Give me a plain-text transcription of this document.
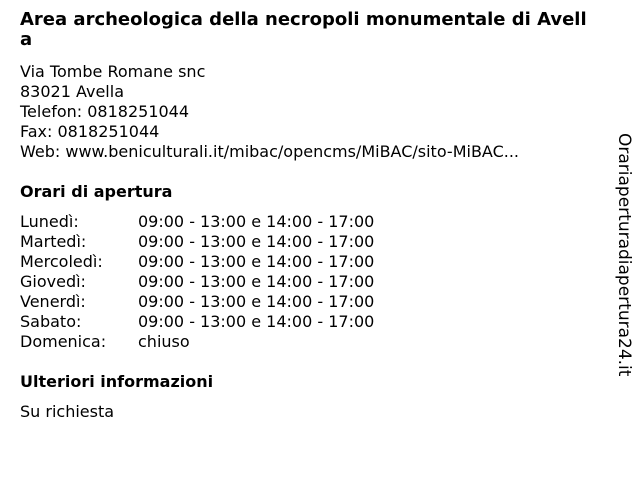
Area archeologica della necropoli monumentale di Avella
Via Tombe Romane snc
83021 Avella
Telefon: 0818251044
Fax: 0818251044
Web: www.beniculturali.it/mibac/opencms/MiBAC/sito-MiBAC...
Orari di apertura
Lunedì:	09:00 - 13:00 e 14:00 - 17:00
Martedì:	09:00 - 13:00 e 14:00 - 17:00
Mercoledì:	09:00 - 13:00 e 14:00 - 17:00
Giovedì:	09:00 - 13:00 e 14:00 - 17:00
Venerdì:	09:00 - 13:00 e 14:00 - 17:00
Sabato:	09:00 - 13:00 e 14:00 - 17:00
Domenica:	chiuso
Ulteriori informazioni
Su richiesta
Orariaperturadiapertura24.it
